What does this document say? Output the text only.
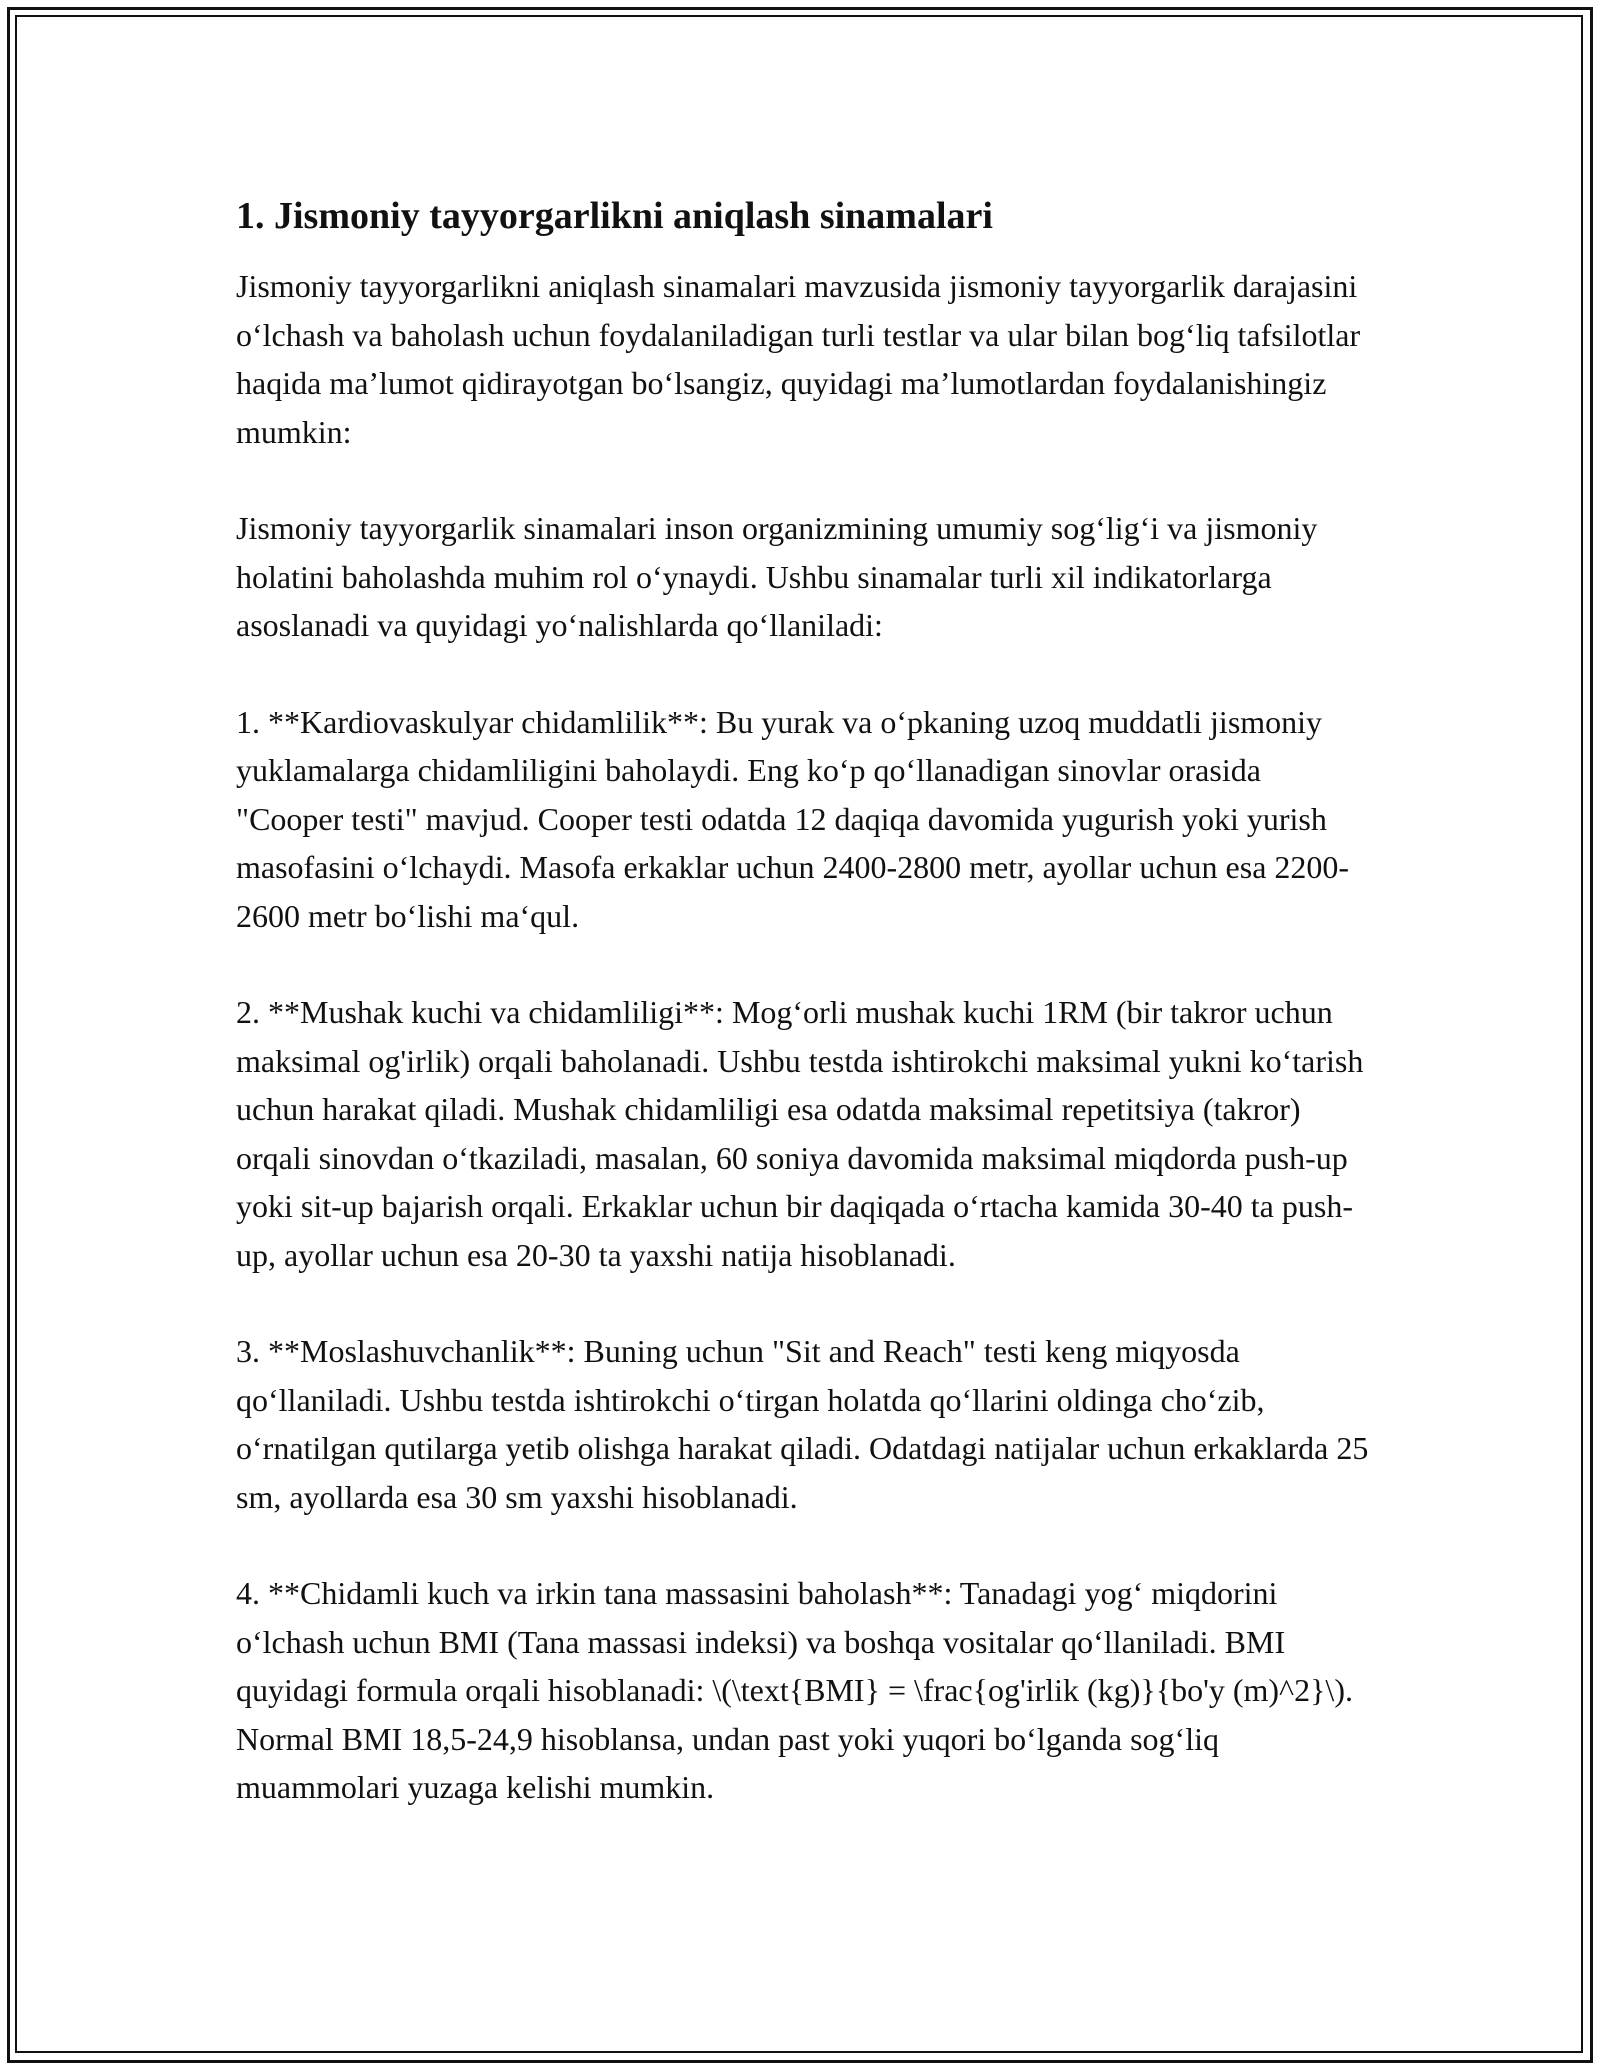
1. Jismoniy tayyorgarlikni aniqlash sinamalari

Jismoniy tayyorgarlikni aniqlash sinamalari mavzusida jismoniy tayyorgarlik darajasini o‘lchash va baholash uchun foydalaniladigan turli testlar va ular bilan bog‘liq tafsilotlar haqida ma’lumot qidirayotgan bo‘lsangiz, quyidagi ma’lumotlardan foydalanishingiz mumkin:

Jismoniy tayyorgarlik sinamalari inson organizmining umumiy sog‘lig‘i va jismoniy holatini baholashda muhim rol o‘ynaydi. Ushbu sinamalar turli xil indikatorlarga asoslanadi va quyidagi yo‘nalishlarda qo‘llaniladi:

1. **Kardiovaskulyar chidamlilik**: Bu yurak va o‘pkaning uzoq muddatli jismoniy yuklamalarga chidamliligini baholaydi. Eng ko‘p qo‘llanadigan sinovlar orasida "Cooper testi" mavjud. Cooper testi odatda 12 daqiqa davomida yugurish yoki yurish masofasini o‘lchaydi. Masofa erkaklar uchun 2400-2800 metr, ayollar uchun esa 2200-2600 metr bo‘lishi ma‘qul.

2. **Mushak kuchi va chidamliligi**: Mog‘orli mushak kuchi 1RM (bir takror uchun maksimal og'irlik) orqali baholanadi. Ushbu testda ishtirokchi maksimal yukni ko‘tarish uchun harakat qiladi. Mushak chidamliligi esa odatda maksimal repetitsiya (takror) orqali sinovdan o‘tkaziladi, masalan, 60 soniya davomida maksimal miqdorda push-up yoki sit-up bajarish orqali. Erkaklar uchun bir daqiqada o‘rtacha kamida 30-40 ta push-up, ayollar uchun esa 20-30 ta yaxshi natija hisoblanadi.

3. **Moslashuvchanlik**: Buning uchun "Sit and Reach" testi keng miqyosda qo‘llaniladi. Ushbu testda ishtirokchi o‘tirgan holatda qo‘llarini oldinga cho‘zib, o‘rnatilgan qutilarga yetib olishga harakat qiladi. Odatdagi natijalar uchun erkaklarda 25 sm, ayollarda esa 30 sm yaxshi hisoblanadi.

4. **Chidamli kuch va irkin tana massasini baholash**: Tanadagi yog‘ miqdorini o‘lchash uchun BMI (Tana massasi indeksi) va boshqa vositalar qo‘llaniladi. BMI quyidagi formula orqali hisoblanadi: \(\text{BMI} = \frac{og'irlik (kg)}{bo'y (m)^2}\). Normal BMI 18,5-24,9 hisoblansa, undan past yoki yuqori bo‘lganda sog‘liq muammolari yuzaga kelishi mumkin.
